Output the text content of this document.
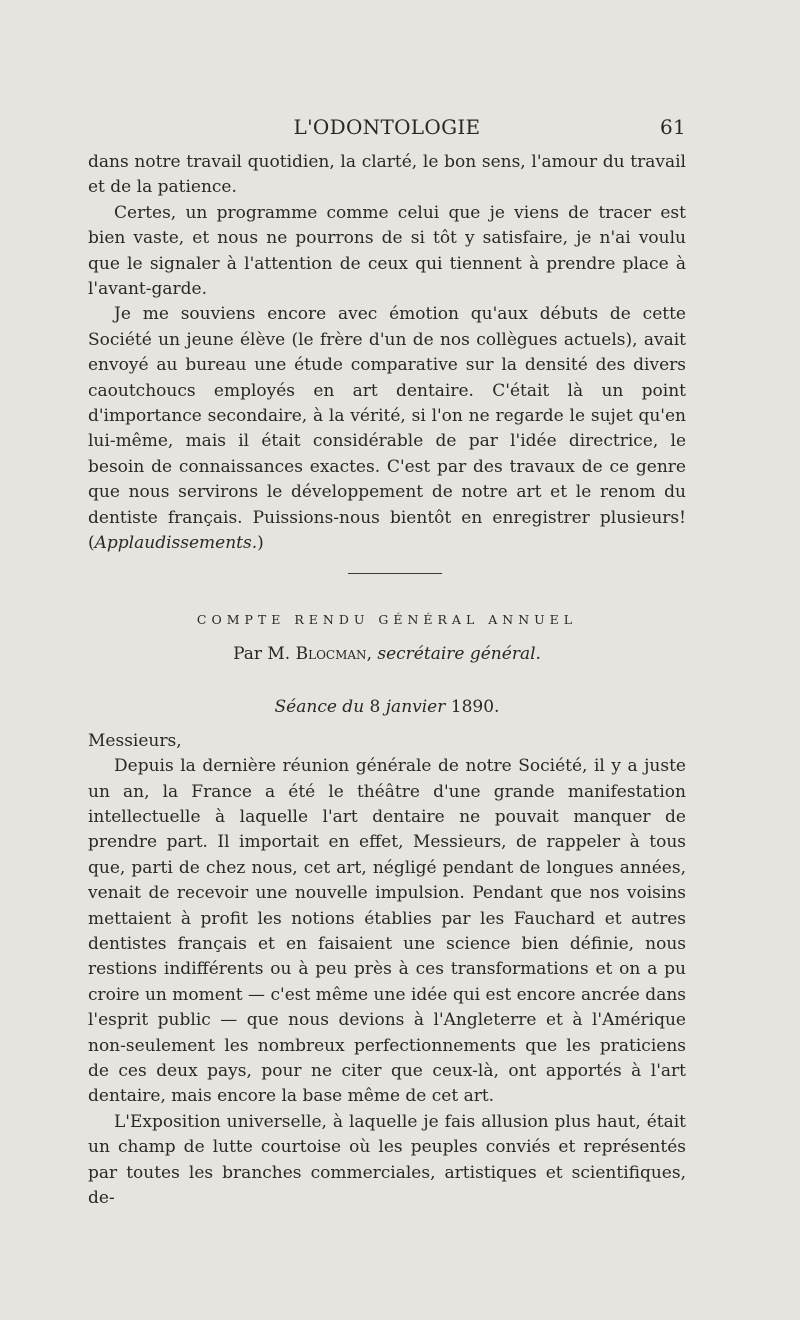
L'ODONTOLOGIE	61

dans notre travail quotidien, la clarté, le bon sens, l'amour du travail et de la patience.

Certes, un programme comme celui que je viens de tracer est bien vaste, et nous ne pourrons de si tôt y satisfaire, je n'ai voulu que le signaler à l'attention de ceux qui tiennent à prendre place à l'avant-garde.

Je me souviens encore avec émotion qu'aux débuts de cette Société un jeune élève (le frère d'un de nos collègues actuels), avait envoyé au bureau une étude comparative sur la densité des divers caoutchoucs employés en art dentaire. C'était là un point d'importance secondaire, à la vérité, si l'on ne regarde le sujet qu'en lui-même, mais il était considérable de par l'idée directrice, le besoin de connaissances exactes. C'est par des travaux de ce genre que nous servirons le développement de notre art et le renom du dentiste français. Puissions-nous bientôt en enregistrer plusieurs! (Applaudissements.)

COMPTE RENDU GÉNÉRAL ANNUEL
Par M. Blocman, secrétaire général.
Séance du 8 janvier 1890.

Messieurs,

Depuis la dernière réunion générale de notre Société, il y a juste un an, la France a été le théâtre d'une grande manifestation intellectuelle à laquelle l'art dentaire ne pouvait manquer de prendre part. Il importait en effet, Messieurs, de rappeler à tous que, parti de chez nous, cet art, négligé pendant de longues années, venait de recevoir une nouvelle impulsion. Pendant que nos voisins mettaient à profit les notions établies par les Fauchard et autres dentistes français et en faisaient une science bien définie, nous restions indifférents ou à peu près à ces transformations et on a pu croire un moment — c'est même une idée qui est encore ancrée dans l'esprit public — que nous devions à l'Angleterre et à l'Amérique non-seulement les nombreux perfectionnements que les praticiens de ces deux pays, pour ne citer que ceux-là, ont apportés à l'art dentaire, mais encore la base même de cet art.

L'Exposition universelle, à laquelle je fais allusion plus haut, était un champ de lutte courtoise où les peuples conviés et représentés par toutes les branches commerciales, artistiques et scientifiques, de-
